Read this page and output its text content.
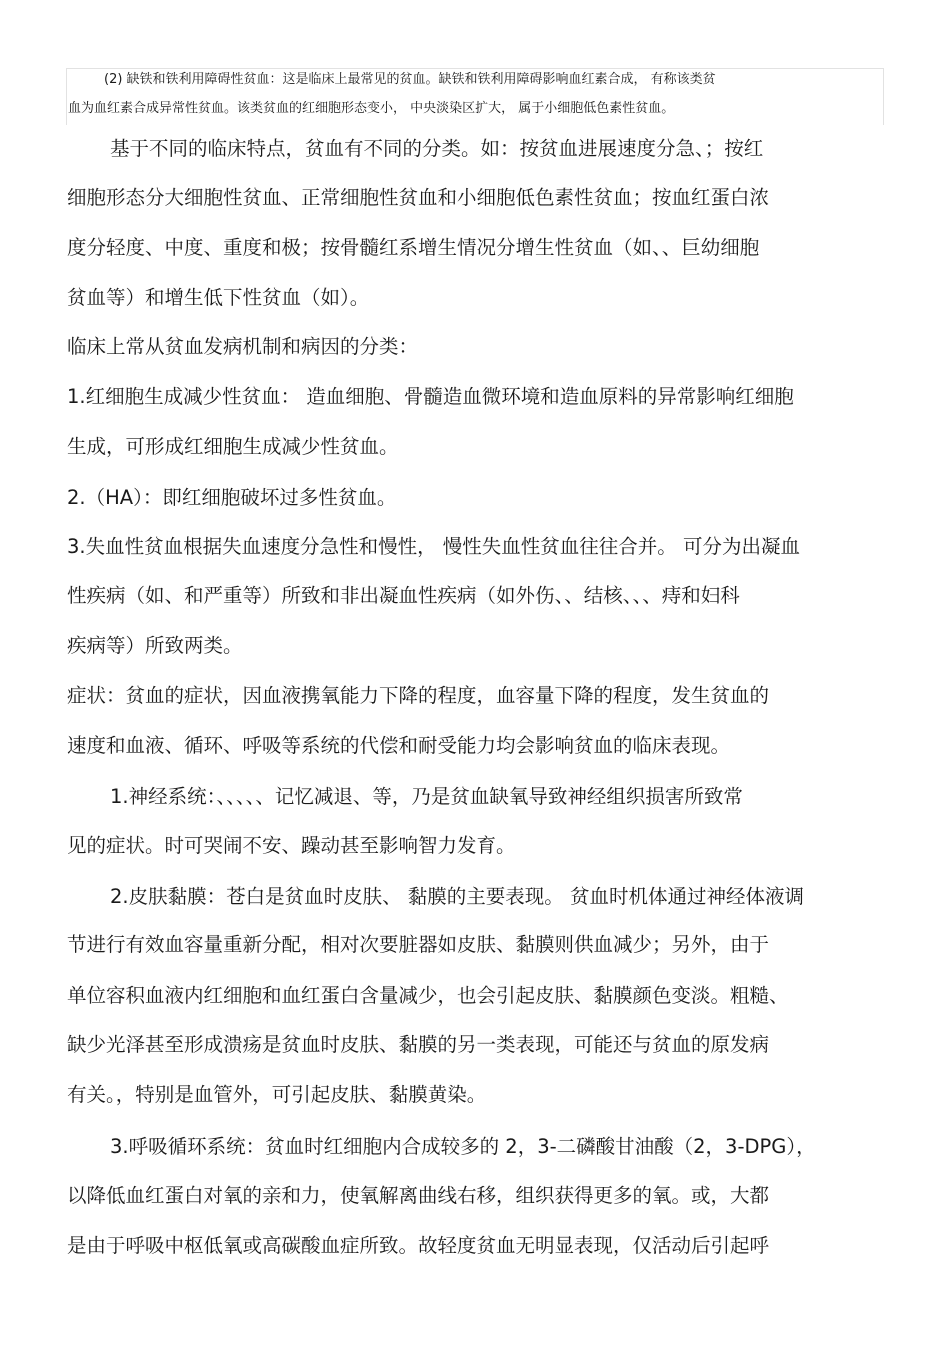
(2) 缺铁和铁利用障碍性贫血：这是临床上最常见的贫血。缺铁和铁利用障碍影响血红素合成， 有称该类贫
血为血红素合成异常性贫血。该类贫血的红细胞形态变小， 中央淡染区扩大， 属于小细胞低色素性贫血。
基于不同的临床特点，贫血有不同的分类。如：按贫血进展速度分急、；按红
细胞形态分大细胞性贫血、正常细胞性贫血和小细胞低色素性贫血；按血红蛋白浓
度分轻度、中度、重度和极；按骨髓红系增生情况分增生性贫血（如、、巨幼细胞
贫血等）和增生低下性贫血（如）。
临床上常从贫血发病机制和病因的分类：
1.红细胞生成减少性贫血： 造血细胞、骨髓造血微环境和造血原料的异常影响红细胞
生成，可形成红细胞生成减少性贫血。
2.（HA）：即红细胞破坏过多性贫血。
3.失血性贫血根据失血速度分急性和慢性， 慢性失血性贫血往往合并。 可分为出凝血
性疾病（如、和严重等）所致和非出凝血性疾病（如外伤、、结核、、、痔和妇科
疾病等）所致两类。
症状：贫血的症状，因血液携氧能力下降的程度，血容量下降的程度，发生贫血的
速度和血液、循环、呼吸等系统的代偿和耐受能力均会影响贫血的临床表现。
1.神经系统：、、、、、记忆减退、等，乃是贫血缺氧导致神经组织损害所致常
见的症状。时可哭闹不安、躁动甚至影响智力发育。
2.皮肤黏膜：苍白是贫血时皮肤、 黏膜的主要表现。 贫血时机体通过神经体液调
节进行有效血容量重新分配，相对次要脏器如皮肤、黏膜则供血减少；另外，由于
单位容积血液内红细胞和血红蛋白含量减少，也会引起皮肤、黏膜颜色变淡。粗糙、
缺少光泽甚至形成溃疡是贫血时皮肤、黏膜的另一类表现，可能还与贫血的原发病
有关。，特别是血管外，可引起皮肤、黏膜黄染。
3.呼吸循环系统：贫血时红细胞内合成较多的 2，3-二磷酸甘油酸（2，3-DPG），
以降低血红蛋白对氧的亲和力，使氧解离曲线右移，组织获得更多的氧。或，大都
是由于呼吸中枢低氧或高碳酸血症所致。故轻度贫血无明显表现，仅活动后引起呼
